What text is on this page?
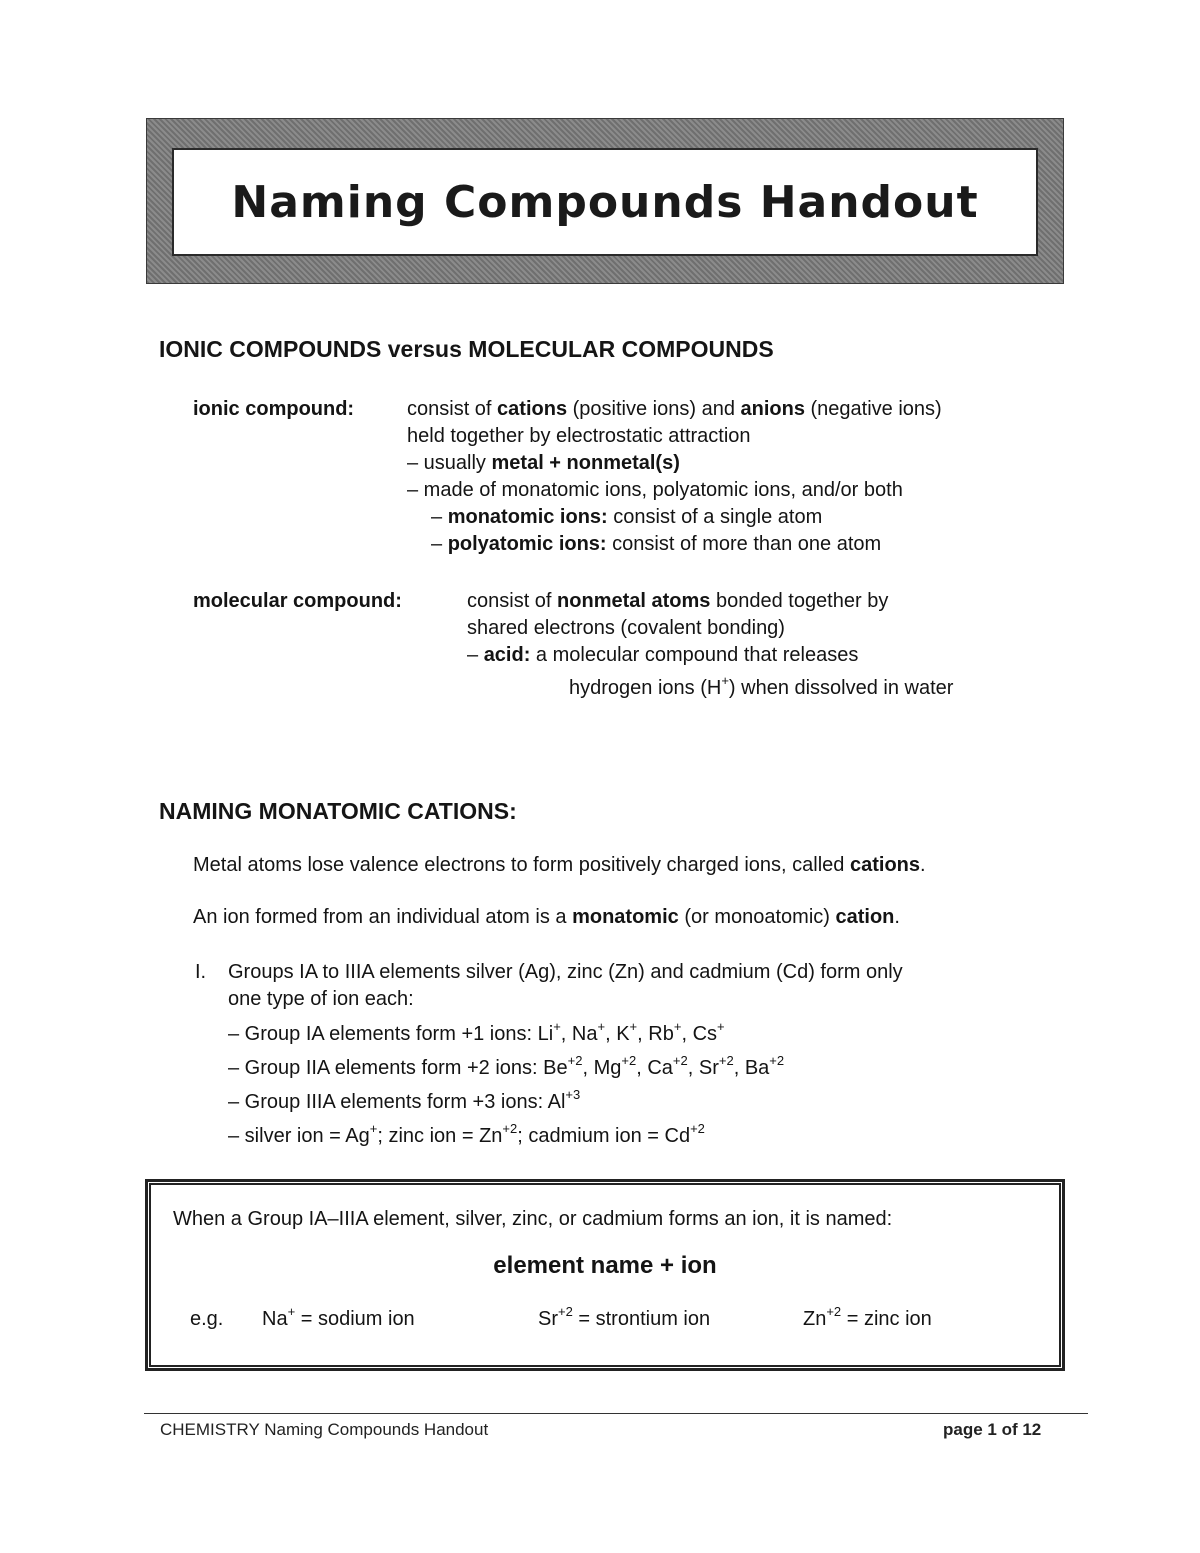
Naming Compounds Handout
IONIC COMPOUNDS versus MOLECULAR COMPOUNDS
ionic compound:	consist of cations (positive ions) and anions (negative ions)
held together by electrostatic attraction
– usually metal + nonmetal(s)
– made of monatomic ions, polyatomic ions, and/or both
– monatomic ions: consist of a single atom
– polyatomic ions: consist of more than one atom
molecular compound:	consist of nonmetal atoms bonded together by
shared electrons (covalent bonding)
– acid: a molecular compound that releases
hydrogen ions (H+) when dissolved in water
NAMING MONATOMIC CATIONS:
Metal atoms lose valence electrons to form positively charged ions, called cations.
An ion formed from an individual atom is a monatomic (or monoatomic) cation.
I. Groups IA to IIIA elements silver (Ag), zinc (Zn) and cadmium (Cd) form only
one type of ion each:
– Group IA elements form +1 ions: Li+, Na+, K+, Rb+, Cs+
– Group IIA elements form +2 ions: $Be^{+2}$, $Mg^{+2}$, $Ca^{+2}$, $Sr^{+2}$, $Ba^{+2}$
– Group IIIA elements form +3 ions: $Al^{+3}$
– silver ion = Ag+; zinc ion = $Zn^{+2}$; cadmium ion = $Cd^{+2}$
When a Group IA–IIIA element, silver, zinc, or cadmium forms an ion, it is named:
element name + ion
e.g. Na+ = sodium ion	$Sr^{+2}$ = strontium ion	$Zn^{+2}$ = zinc ion
CHEMISTRY Naming Compounds Handout	page 1 of 12
